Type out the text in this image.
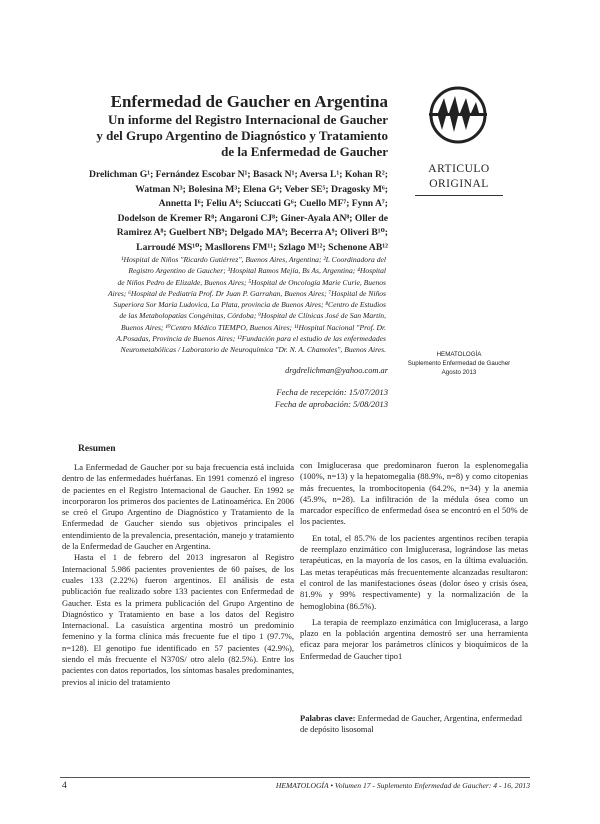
Enfermedad de Gaucher en Argentina
Un informe del Registro Internacional de Gaucher
y del Grupo Argentino de Diagnóstico y Tratamiento
de la Enfermedad de Gaucher
Drelichman G¹; Fernández Escobar N¹; Basack N¹; Aversa L¹; Kohan R²;
Watman N³; Bolesina M³; Elena G⁴; Veber SE⁵; Dragosky M⁶;
Annetta I⁶; Feliu A⁶; Sciuccati G⁶; Cuello MF⁷; Fynn A⁷;
Dodelson de Kremer R⁸; Angaroni CJ⁸; Giner-Ayala AN⁸; Oller de
Ramirez A⁸; Guelbert NB⁹; Delgado MA⁹; Becerra A⁹; Oliveri B¹⁰;
Larroudé MS¹⁰; Masllorens FM¹¹; Szlago M¹²; Schenone AB¹²
¹Hospital de Niños "Ricardo Gutiérrez", Buenos Aires, Argentina; ²L Coordinadora del
Registro Argentino de Gaucher; ³Hospital Ramos Mejía, Bs As, Argentina; ⁴Hospital
de Niños Pedro de Elizalde, Buenos Aires; ⁵Hospital de Oncología Marie Curie, Buenos
Aires; ⁶Hospital de Pediatría Prof. Dr Juan P. Garrahan, Buenos Aires; ⁷Hospital de Niños
Superiora Sor María Ludovica, La Plata, provincia de Buenos Aires; ⁸Centro de Estudios
de las Metabolopatías Congénitas, Córdoba; ⁹Hospital de Clínicas José de San Martín,
Buenos Aires; ¹⁰Centro Médico TIEMPO, Buenos Aires; ¹¹Hospital Nacional "Prof. Dr.
A.Posadas, Provincia de Buenos Aires; ¹²Fundación para el estudio de las enfermedades
Neurometabólicas / Laboratorio de Neuroquímica "Dr. N. A. Chamoles", Buenos Aires.
drgdrelichman@yahoo.com.ar
Fecha de recepción: 15/07/2013
Fecha de aprobación: 5/08/2013
ARTICULO
ORIGINAL
HEMATOLOGÍA
Suplemento Enfermedad de Gaucher
Agosto 2013
Resumen

La Enfermedad de Gaucher por su baja frecuencia está incluida dentro de las enfermedades huérfanas. En 1991 comenzó el ingreso de pacientes en el Registro Internacional de Gaucher. En 1992 se incorporaron los primeros dos pacientes de Latinoamérica. En 2006 se creó el Grupo Argentino de Diagnóstico y Tratamiento de la Enfermedad de Gaucher siendo sus objetivos principales el entendimiento de la prevalencia, presentación, manejo y tratamiento de la Enfermedad de Gaucher en Argentina.

Hasta el 1 de febrero del 2013 ingresaron al Registro Internacional 5.986 pacientes provenientes de 60 países, de los cuales 133 (2.22%) fueron argentinos. El análisis de esta publicación fue realizado sobre 133 pacientes con Enfermedad de Gaucher. Esta es la primera publicación del Grupo Argentino de Diagnóstico y Tratamiento en base a los datos del Registro Internacional. La casuística argentina mostró un predominio femenino y la forma clínica más frecuente fue el tipo 1 (97.7%, n=128). El genotipo fue identificado en 57 pacientes (42.9%), siendo el más frecuente el N370S/ otro alelo (82.5%). Entre los pacientes con datos reportados, los síntomas basales predominantes, previos al inicio del tratamiento

con Imiglucerasa que predominaron fueron la esplenomegalia (100%, n=13) y la hepatomegalia (88.9%, n=8) y como citopenias más frecuentes, la trombocitopenia (64.2%, n=34) y la anemia (45.9%, n=28). La infiltración de la médula ósea como un marcador específico de enfermedad ósea se encontró en el 50% de los pacientes.

En total, el 85.7% de los pacientes argentinos reciben terapia de reemplazo enzimático con Imiglucerasa, lográndose las metas terapéuticas, en la mayoría de los casos, en la última evaluación. Las metas terapéuticas más frecuentemente alcanzadas resultaron: el control de las manifestaciones óseas (dolor óseo y crisis ósea, 81.9% y 99% respectivamente) y la normalización de la hemoglobina (86.5%).

La terapia de reemplazo enzimática con Imiglucerasa, a largo plazo en la población argentina demostró ser una herramienta eficaz para mejorar los parámetros clínicos y bioquímicos de la Enfermedad de Gaucher tipo1

Palabras clave: Enfermedad de Gaucher, Argentina, enfermedad de depósito lisosomal
4	HEMATOLOGÍA • Volumen 17 - Suplemento Enfermedad de Gaucher: 4 - 16, 2013
